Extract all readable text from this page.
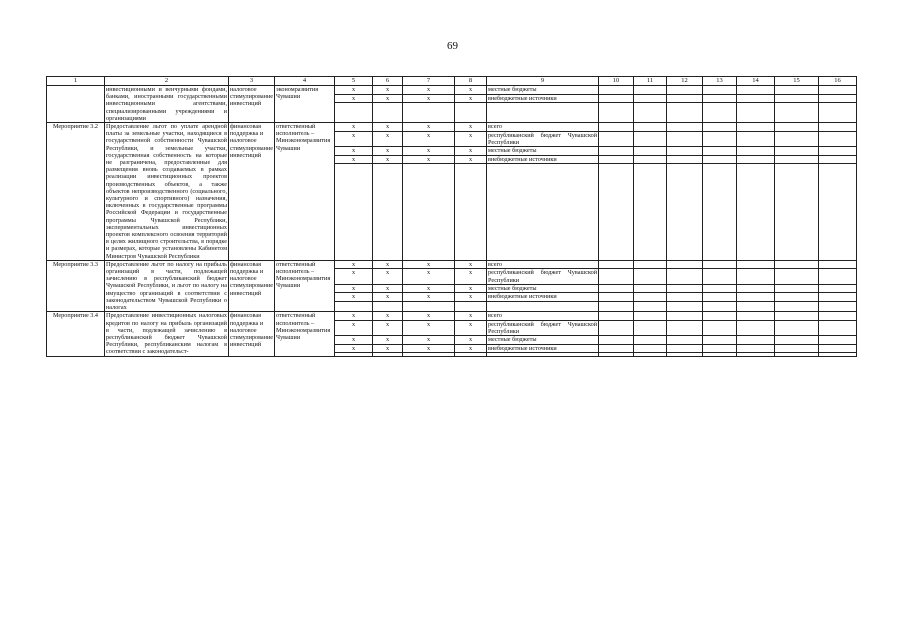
69
1	2	3	4	5	6	7	8	9	10	11	12	13	14	15	16
	инвестиционными и венчурными фондами, банками, иностранными государственными инвестиционными агентствами, специализированными учреждениями и организациями	налоговое стимулирование инвестиций	экономразвития Чувашии	x	x	x	x	местные бюджеты							
				x	x	x	x	внебюджетные источники							

Мероприятие 3.2	Предоставление льгот по уплате арендной платы за земельные участки, находящиеся в государственной собственности Чувашской Республики, и земельные участки, государственная собственность на которые не разграничена, предоставленные для размещения вновь создаваемых в рамках реализации инвестиционных проектов производственных объектов, а также объектов непроизводственного (социального, культурного и спортивного) назначения, включенных в государственные программы Российской Федерации и государственные программы Чувашской Республики, экспериментальных инвестиционных проектов комплексного освоения территорий в целях жилищного строительства, в порядке и размерах, которые установлены Кабинетом Министров Чувашской Республики	финансовая поддержка и налоговое стимулирование инвестиций	ответственный исполнитель – Минэкономразвития Чувашии	x	x	x	x	всего							
				x	x	x	x	республиканский бюджет Чувашской Республики							
				x	x	x	x	местные бюджеты							
				x	x	x	x	внебюджетные источники							

Мероприятие 3.3	Предоставление льгот по налогу на прибыль организаций в части, подлежащей зачислению в республиканский бюджет Чувашской Республики, и льгот по налогу на имущество организаций в соответствии с законодательством Чувашской Республики о налогах	финансовая поддержка и налоговое стимулирование инвестиций	ответственный исполнитель – Минэкономразвития Чувашии	x	x	x	x	всего							
				x	x	x	x	республиканский бюджет Чувашской Республики							
				x	x	x	x	местные бюджеты							
				x	x	x	x	внебюджетные источники							

Мероприятие 3.4	Предоставление инвестиционных налоговых кредитов по налогу на прибыль организаций в части, подлежащей зачислению в республиканский бюджет Чувашской Республики, республиканским налогам в соответствии с законодательст-	финансовая поддержка и налоговое стимулирование инвестиций	ответственный исполнитель – Минэкономразвития Чувашии	x	x	x	x	всего							
				x	x	x	x	республиканский бюджет Чувашской Республики							
				x	x	x	x	местные бюджеты							
				x	x	x	x	внебюджетные источники							
